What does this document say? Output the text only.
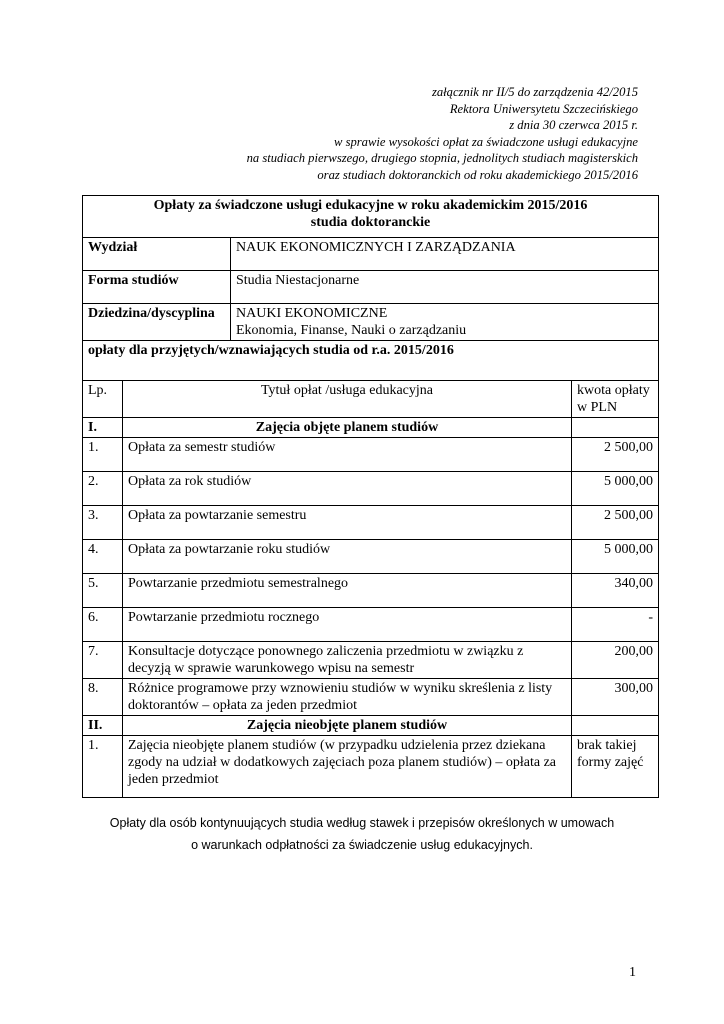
załącznik nr II/5 do zarządzenia 42/2015
Rektora Uniwersytetu Szczecińskiego
z dnia 30 czerwca 2015 r.
w sprawie wysokości opłat za świadczone usługi edukacyjne
na studiach pierwszego, drugiego stopnia, jednolitych studiach magisterskich
oraz studiach doktoranckich od roku akademickiego 2015/2016
Opłaty za świadczone usługi edukacyjne w roku akademickim 2015/2016
studia doktoranckie			

Wydział		NAUK EKONOMICZNYCH I ZARZĄDZANIA	
Forma studiów		Studia Niestacjonarne	
Dziedzina/dyscyplina		NAUKI EKONOMICZNE
Ekonomia, Finanse, Nauki o zarządzaniu	

opłaty dla przyjętych/wznawiających studia od r.a. 2015/2016			
Lp.	Tytuł opłat /usługa edukacyjna		kwota opłaty
w PLN

I.	Zajęcia objęte planem studiów		
1.	Opłata za semestr studiów		2 500,00
2.	Opłata za rok studiów		5 000,00
3.	Opłata za powtarzanie semestru		2 500,00
4.	Opłata za powtarzanie roku studiów		5 000,00
5.	Powtarzanie przedmiotu semestralnego		340,00
6.	Powtarzanie przedmiotu rocznego		-
7.	Konsultacje dotyczące ponownego zaliczenia przedmiotu w związku z decyzją w sprawie warunkowego wpisu na semestr		200,00
8.	Różnice programowe przy wznowieniu studiów w wyniku skreślenia z listy doktorantów – opłata za jeden przedmiot		300,00
II.	Zajęcia nieobjęte planem studiów		
1.	Zajęcia nieobjęte planem studiów (w przypadku udzielenia przez dziekana zgody na udział w dodatkowych zajęciach poza planem studiów) – opłata za jeden przedmiot		brak takiej
formy zajęć
Opłaty dla osób kontynuujących studia według stawek i przepisów określonych w umowach
o warunkach odpłatności za świadczenie usług edukacyjnych.
1
